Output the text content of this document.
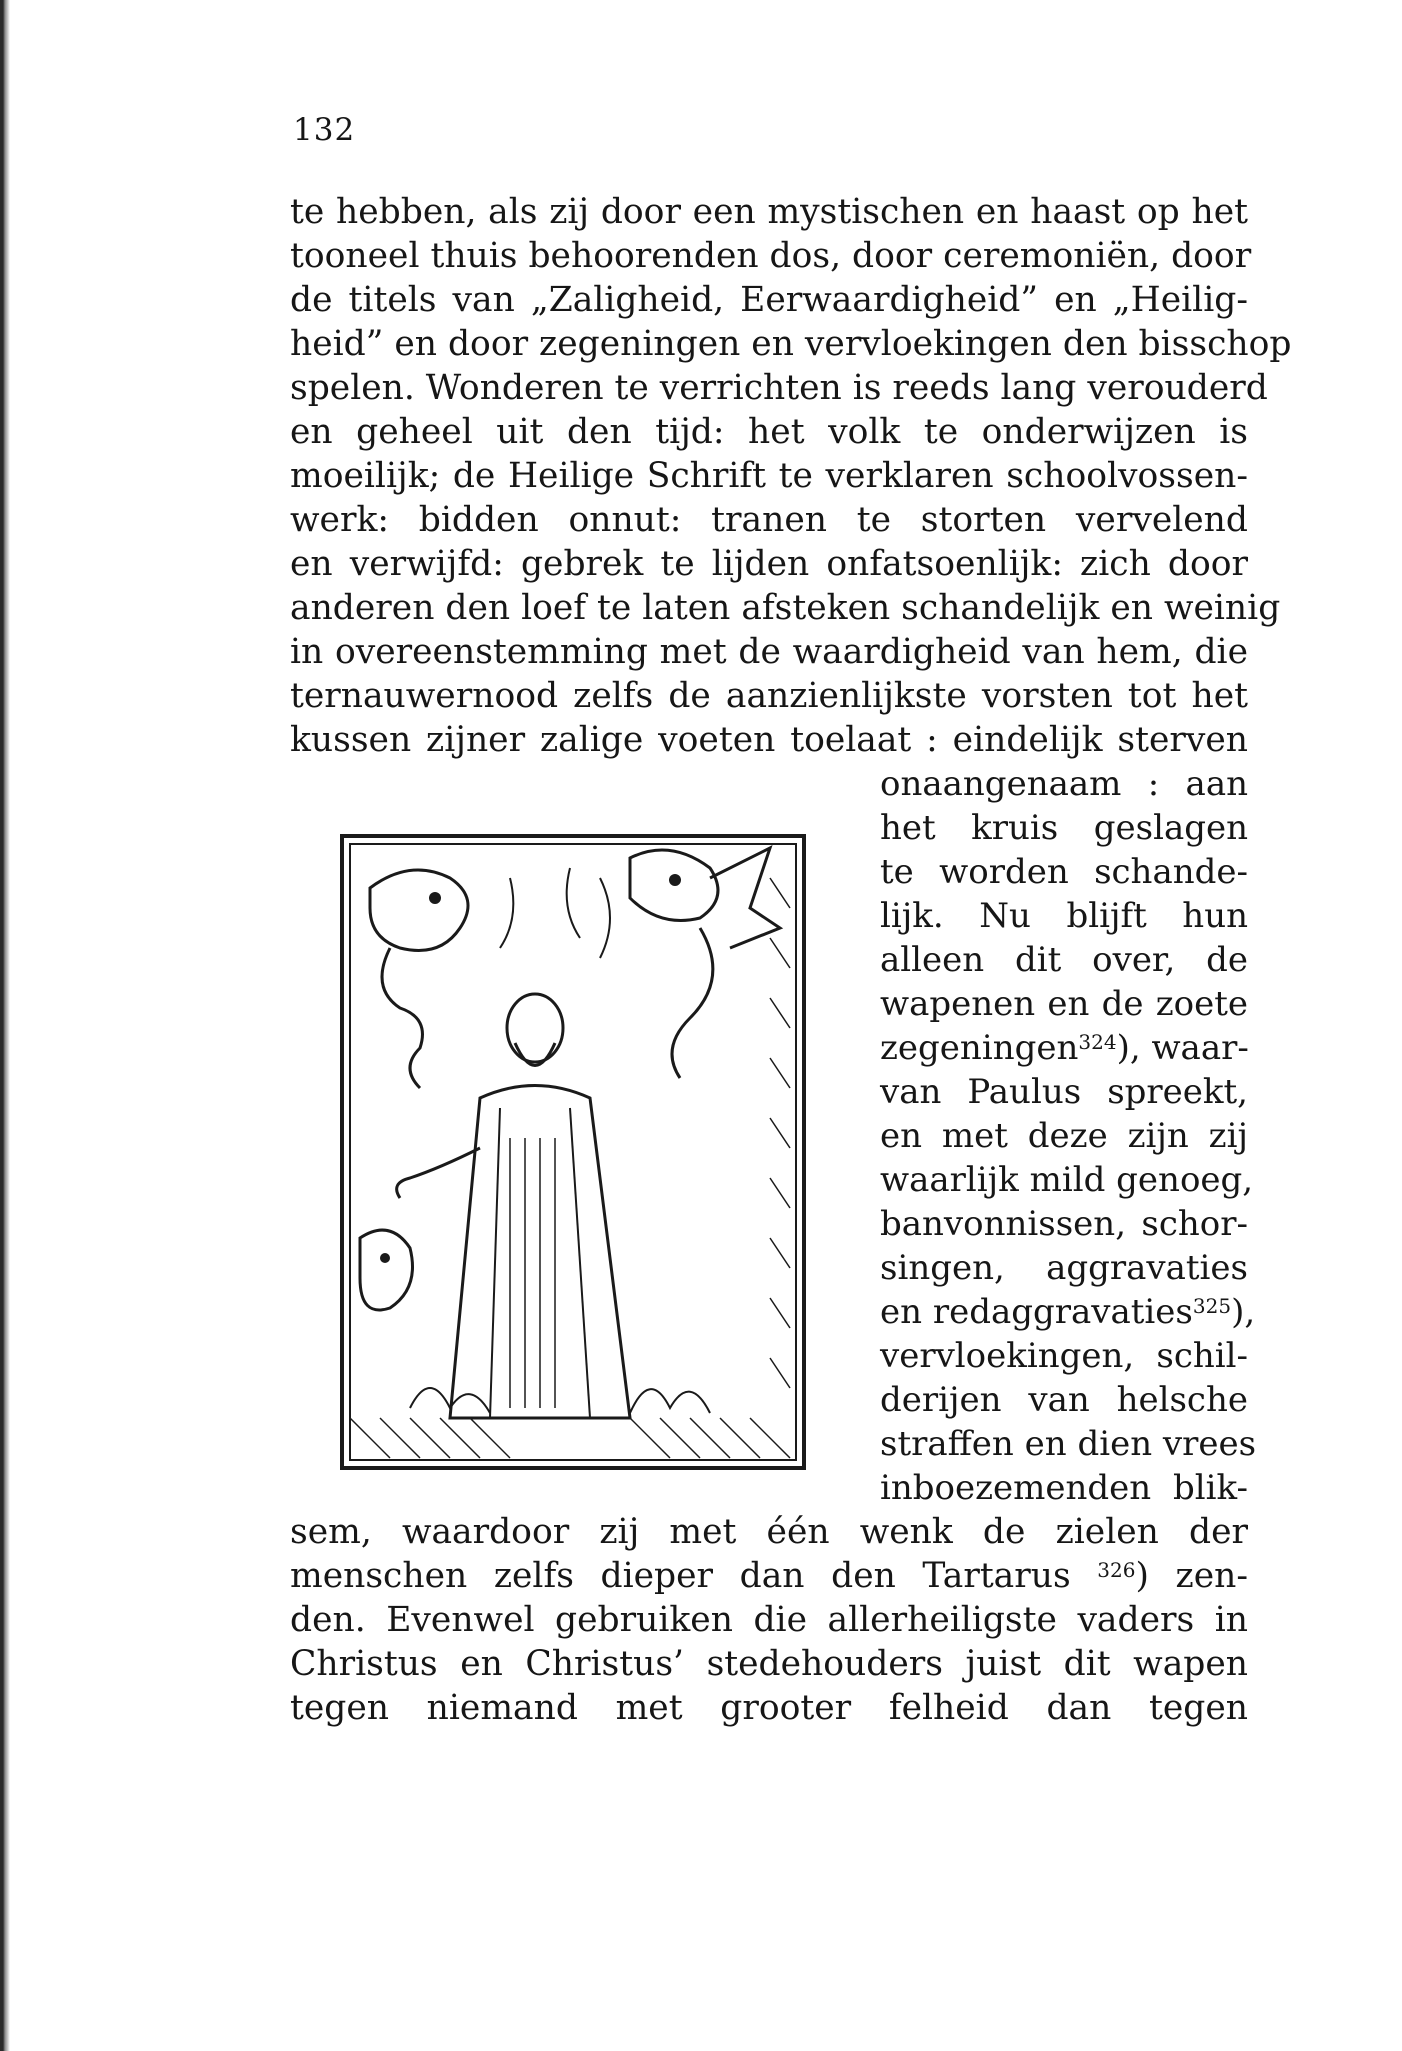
132
te hebben, als zij door een mystischen en haast op het
tooneel thuis behoorenden dos, door ceremoniën, door
de titels van „Zaligheid, Eerwaardigheid” en „Heilig-
heid” en door zegeningen en vervloekingen den bisschop
spelen. Wonderen te verrichten is reeds lang verouderd
en geheel uit den tijd: het volk te onderwijzen is
moeilijk; de Heilige Schrift te verklaren schoolvossen-
werk: bidden onnut: tranen te storten vervelend
en verwijfd: gebrek te lijden onfatsoenlijk: zich door
anderen den loef te laten afsteken schandelijk en weinig
in overeenstemming met de waardigheid van hem, die
ternauwernood zelfs de aanzienlijkste vorsten tot het
kussen zijner zalige voeten toelaat : eindelijk sterven
onaangenaam : aan
het kruis geslagen
te worden schande-
lijk. Nu blijft hun
alleen dit over, de
wapenen en de zoete
zegeningen$^{324}$), waar-
van Paulus spreekt,
en met deze zijn zij
waarlijk mild genoeg,
banvonnissen, schor-
singen, aggravaties
en redaggravaties$^{325}$),
vervloekingen, schil-
derijen van helsche
straffen en dien vrees
inboezemenden blik-
sem, waardoor zij met één wenk de zielen der
menschen zelfs dieper dan den Tartarus $^{326}$) zen-
den. Evenwel gebruiken die allerheiligste vaders in
Christus en Christus’ stedehouders juist dit wapen
tegen niemand met grooter felheid dan tegen
